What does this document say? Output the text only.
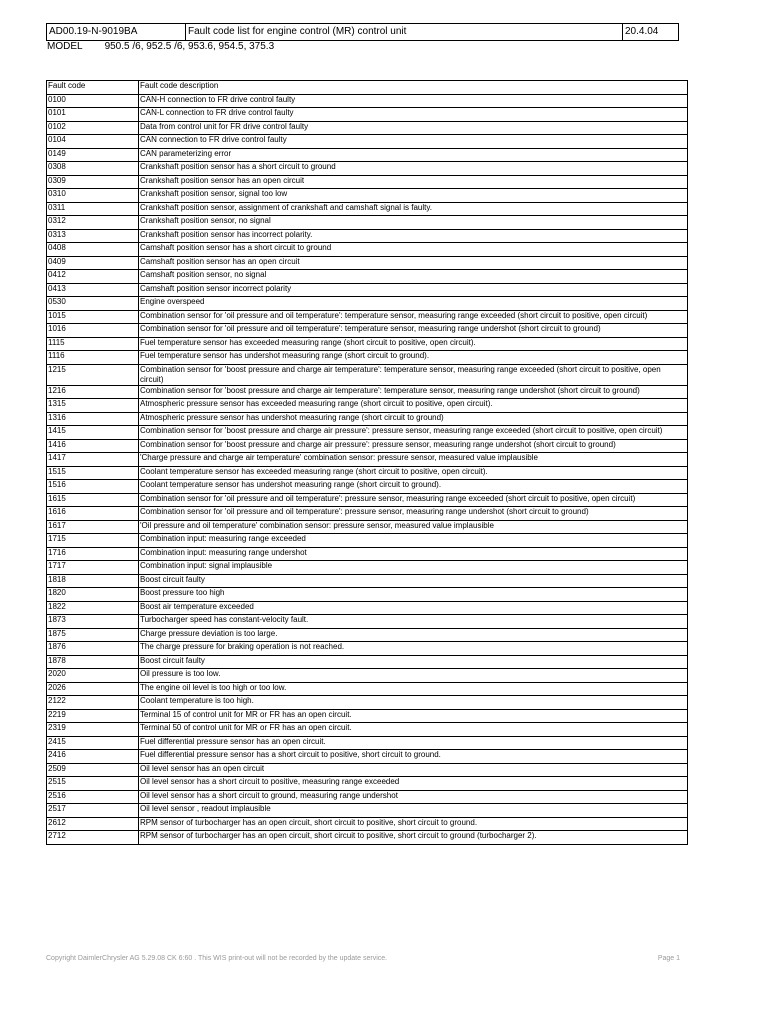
AD00.19-N-9019BA	Fault code list for engine control (MR) control unit	20.4.04
MODEL 950.5 /6, 952.5 /6, 953.6, 954.5, 375.3
Fault code	Fault code description
0100	CAN-H connection to FR drive control faulty
0101	CAN-L connection to FR drive control faulty
0102	Data from control unit for FR drive control faulty
0104	CAN connection to FR drive control faulty
0149	CAN parameterizing error
0308	Crankshaft position sensor has a short circuit to ground
0309	Crankshaft position sensor has an open circuit
0310	Crankshaft position sensor, signal too low
0311	Crankshaft position sensor, assignment of crankshaft and camshaft signal is faulty.
0312	Crankshaft position sensor, no signal
0313	Crankshaft position sensor has incorrect polarity.
0408	Camshaft position sensor has a short circuit to ground
0409	Camshaft position sensor has an open circuit
0412	Camshaft position sensor, no signal
0413	Camshaft position sensor incorrect polarity
0530	Engine overspeed
1015	Combination sensor for 'oil pressure and oil temperature': temperature sensor, measuring range exceeded (short circuit to positive, open circuit)
1016	Combination sensor for 'oil pressure and oil temperature': temperature sensor, measuring range undershot (short circuit to ground)
1115	Fuel temperature sensor has exceeded measuring range (short circuit to positive, open circuit).
1116	Fuel temperature sensor has undershot measuring range (short circuit to ground).
1215	Combination sensor for 'boost pressure and charge air temperature': temperature sensor, measuring range exceeded (short circuit to positive, open circuit)
1216	Combination sensor for 'boost pressure and charge air temperature': temperature sensor, measuring range undershot (short circuit to ground)
1315	Atmospheric pressure sensor has exceeded measuring range (short circuit to positive, open circuit).
1316	Atmospheric pressure sensor has undershot measuring range (short circuit to ground)
1415	Combination sensor for 'boost pressure and charge air pressure': pressure sensor, measuring range exceeded (short circuit to positive, open circuit)
1416	Combination sensor for 'boost pressure and charge air pressure': pressure sensor, measuring range undershot (short circuit to ground)
1417	'Charge pressure and charge air temperature' combination sensor: pressure sensor, measured value implausible
1515	Coolant temperature sensor has exceeded measuring range (short circuit to positive, open circuit).
1516	Coolant temperature sensor has undershot measuring range (short circuit to ground).
1615	Combination sensor for 'oil pressure and oil temperature': pressure sensor, measuring range exceeded (short circuit to positive, open circuit)
1616	Combination sensor for 'oil pressure and oil temperature': pressure sensor, measuring range undershot (short circuit to ground)
1617	'Oil pressure and oil temperature' combination sensor: pressure sensor, measured value implausible
1715	Combination input: measuring range exceeded
1716	Combination input: measuring range undershot
1717	Combination input: signal implausible
1818	Boost circuit faulty
1820	Boost pressure too high
1822	Boost air temperature exceeded
1873	Turbocharger speed has constant-velocity fault.
1875	Charge pressure deviation is too large.
1876	The charge pressure for braking operation is not reached.
1878	Boost circuit faulty
2020	Oil pressure is too low.
2026	The engine oil level is too high or too low.
2122	Coolant temperature is too high.
2219	Terminal 15 of control unit for MR or FR has an open circuit.
2319	Terminal 50 of control unit for MR or FR has an open circuit.
2415	Fuel differential pressure sensor has an open circuit.
2416	Fuel differential pressure sensor has a short circuit to positive, short circuit to ground.
2509	Oil level sensor has an open circuit
2515	Oil level sensor has a short circuit to positive, measuring range exceeded
2516	Oil level sensor has a short circuit to ground, measuring range undershot
2517	Oil level sensor , readout implausible
2612	RPM sensor of turbocharger has an open circuit, short circuit to positive, short circuit to ground.
2712	RPM sensor of turbocharger has an open circuit, short circuit to positive, short circuit to ground (turbocharger 2).
Copyright DaimlerChrysler AG 5.29.08 CK 6:60 . This WIS print-out will not be recorded by the update service.	Page 1
